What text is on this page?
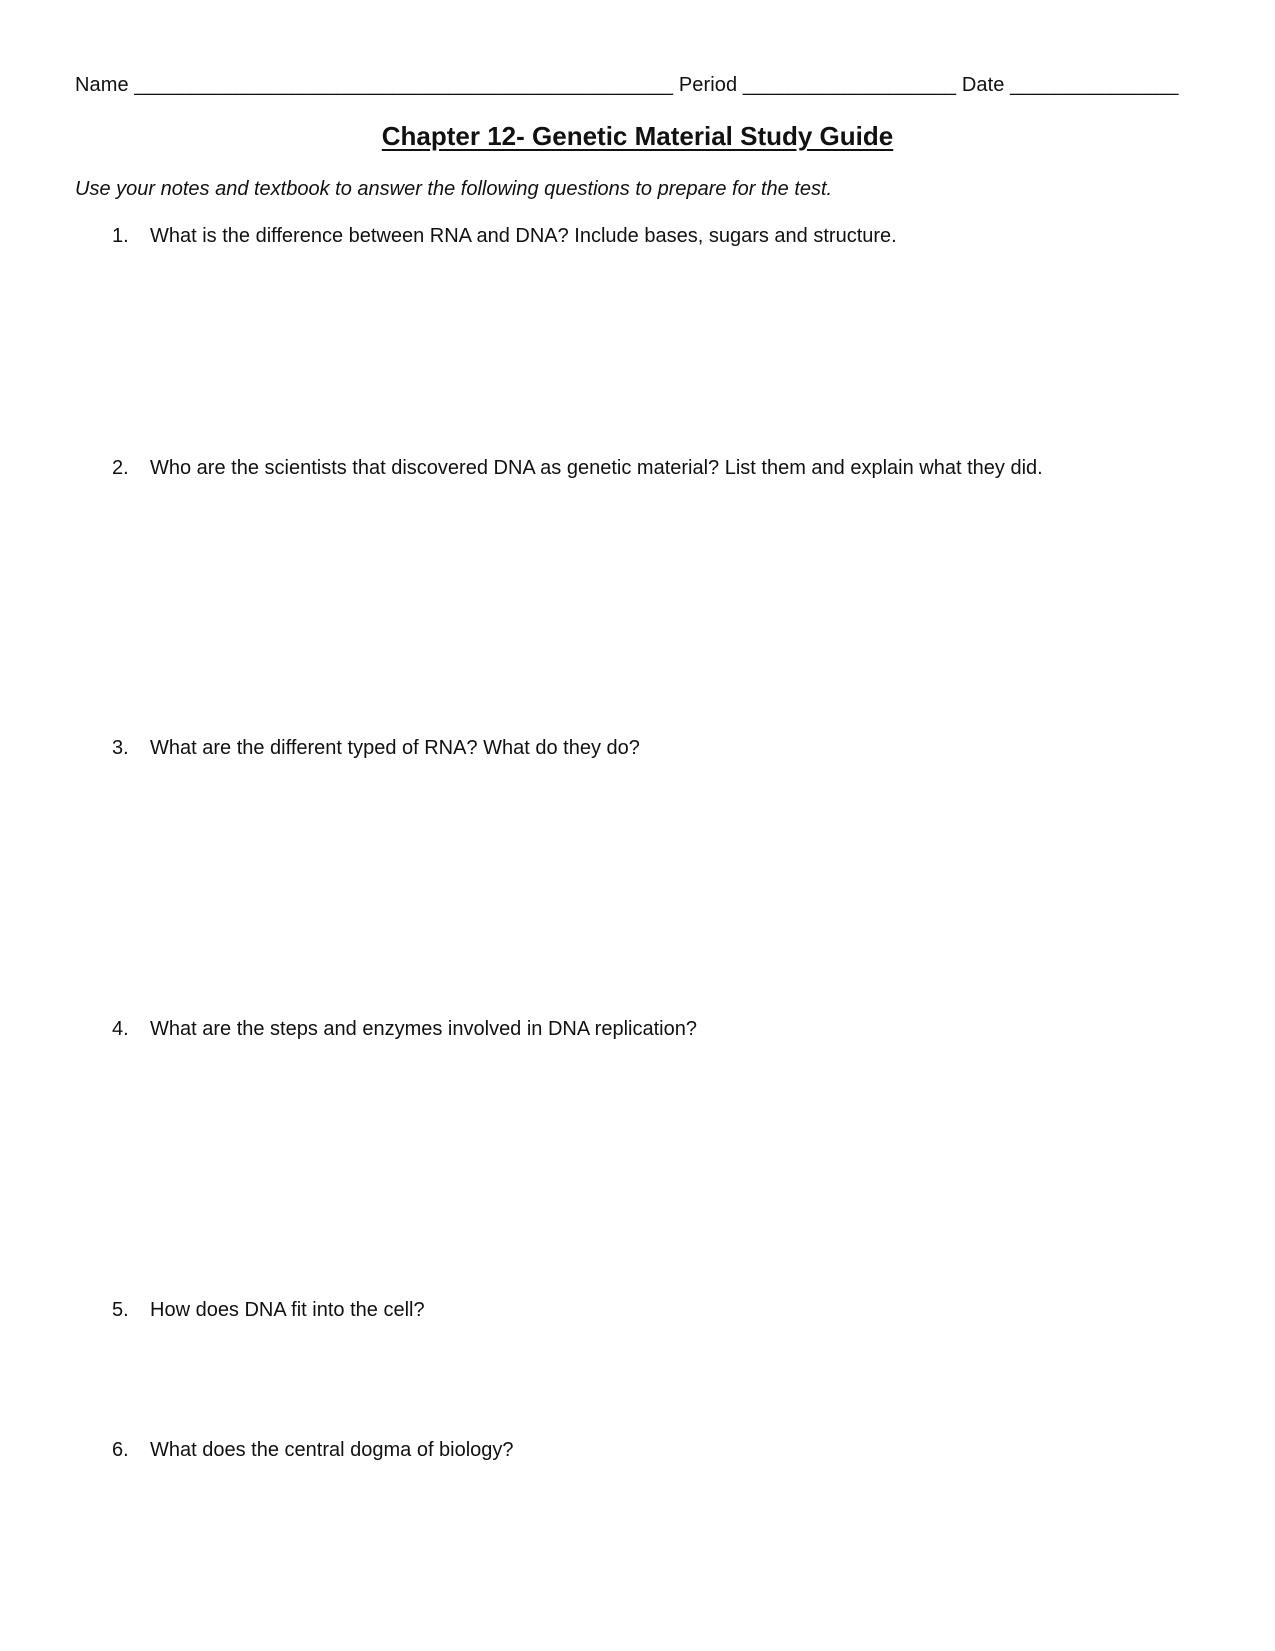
Name ________________________________________________ Period ___________________ Date _______________
Chapter 12- Genetic Material Study Guide
Use your notes and textbook to answer the following questions to prepare for the test.
1. What is the difference between RNA and DNA? Include bases, sugars and structure.
2. Who are the scientists that discovered DNA as genetic material? List them and explain what they did.
3. What are the different typed of RNA? What do they do?
4. What are the steps and enzymes involved in DNA replication?
5. How does DNA fit into the cell?
6. What does the central dogma of biology?
